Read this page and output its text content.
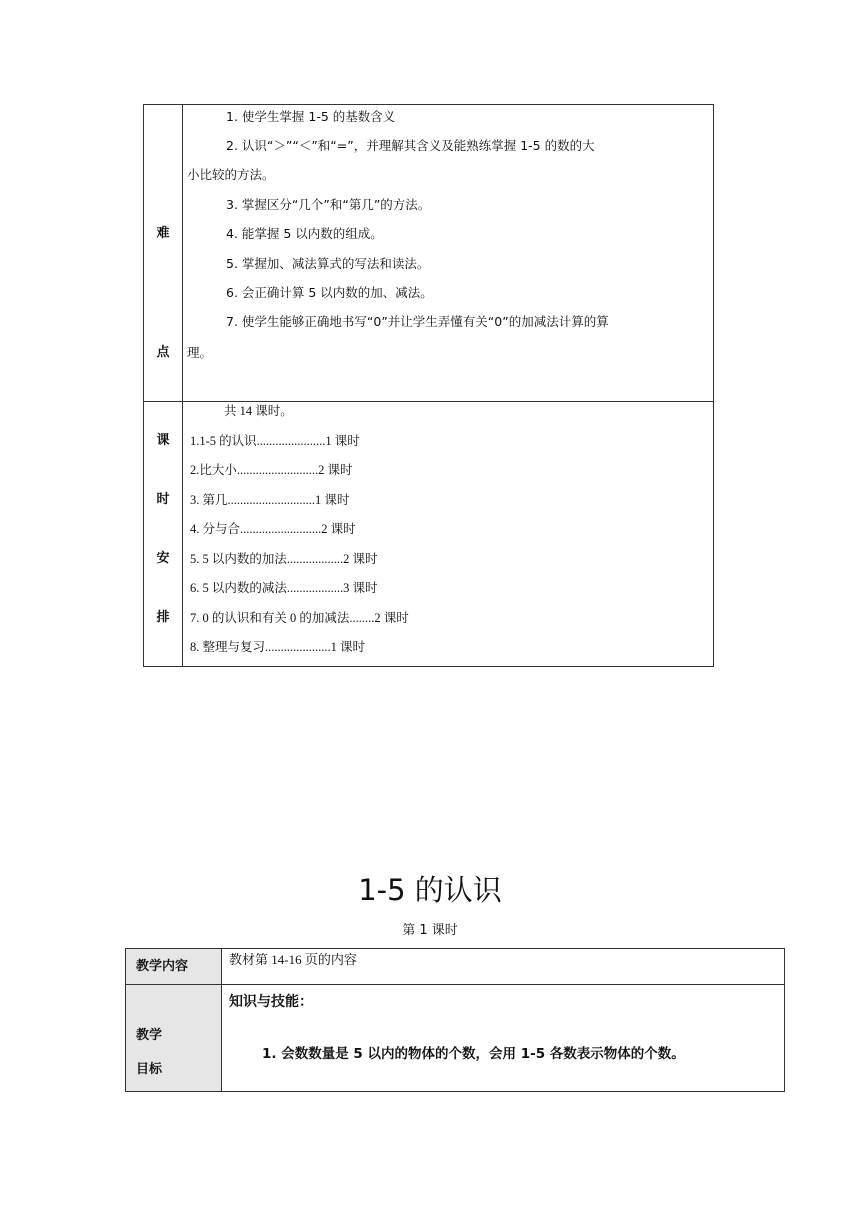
难
点
1. 使学生掌握 1-5 的基数含义
2. 认识“＞”“＜”和“=”，并理解其含义及能熟练掌握 1-5 的数的大
小比较的方法。
3. 掌握区分“几个”和“第几”的方法。
4. 能掌握 5 以内数的组成。
5. 掌握加、减法算式的写法和读法。
6. 会正确计算 5 以内数的加、减法。
7. 使学生能够正确地书写“0”并让学生弄懂有关“0”的加减法计算的算
理。
课
时
安
排
共 14 课时。
1.1-5 的认识......................1 课时
2.比大小..........................2 课时
3. 第几............................1 课时
4. 分与合..........................2 课时
5. 5 以内数的加法..................2 课时
6. 5 以内数的减法..................3 课时
7. 0 的认识和有关 0 的加减法........2 课时
8. 整理与复习.....................1 课时
1-5 的认识
第 1 课时
教学内容
教学
目标
教材第 14-16 页的内容
知识与技能：
1. 会数数量是 5 以内的物体的个数，会用 1-5 各数表示物体的个数。
